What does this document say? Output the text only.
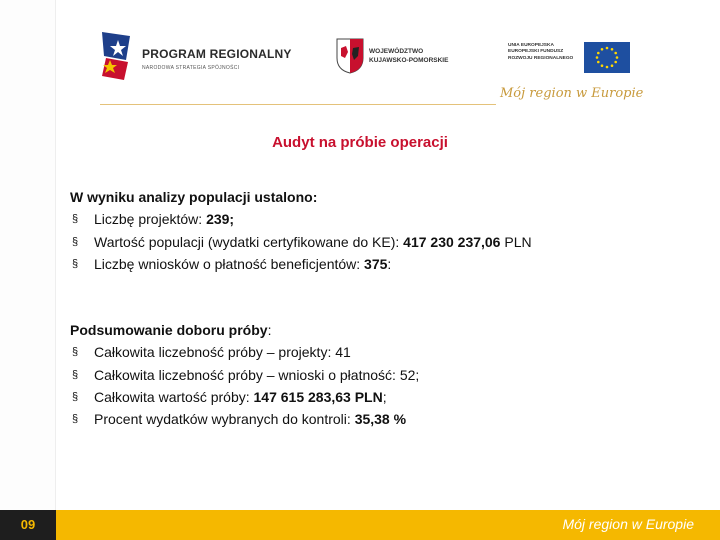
PROGRAM REGIONALNY
NARODOWA STRATEGIA SPÓJNOŚCI
WOJEWÓDZTWO
KUJAWSKO-POMORSKIE
UNIA EUROPEJSKA
EUROPEJSKI FUNDUSZ
ROZWOJU REGIONALNEGO
Mój region w Europie
Audyt na próbie operacji
W wyniku analizy populacji ustalono:
§ Liczbę projektów: 239;
§ Wartość populacji (wydatki certyfikowane do KE): 417 230 237,06 PLN
§ Liczbę wniosków o płatność beneficjentów: 375:
Podsumowanie doboru próby:
§ Całkowita liczebność próby – projekty: 41
§ Całkowita liczebność próby – wnioski o płatność: 52;
§ Całkowita wartość próby: 147 615 283,63 PLN;
§ Procent wydatków wybranych do kontroli: 35,38 %
09	Mój region w Europie
